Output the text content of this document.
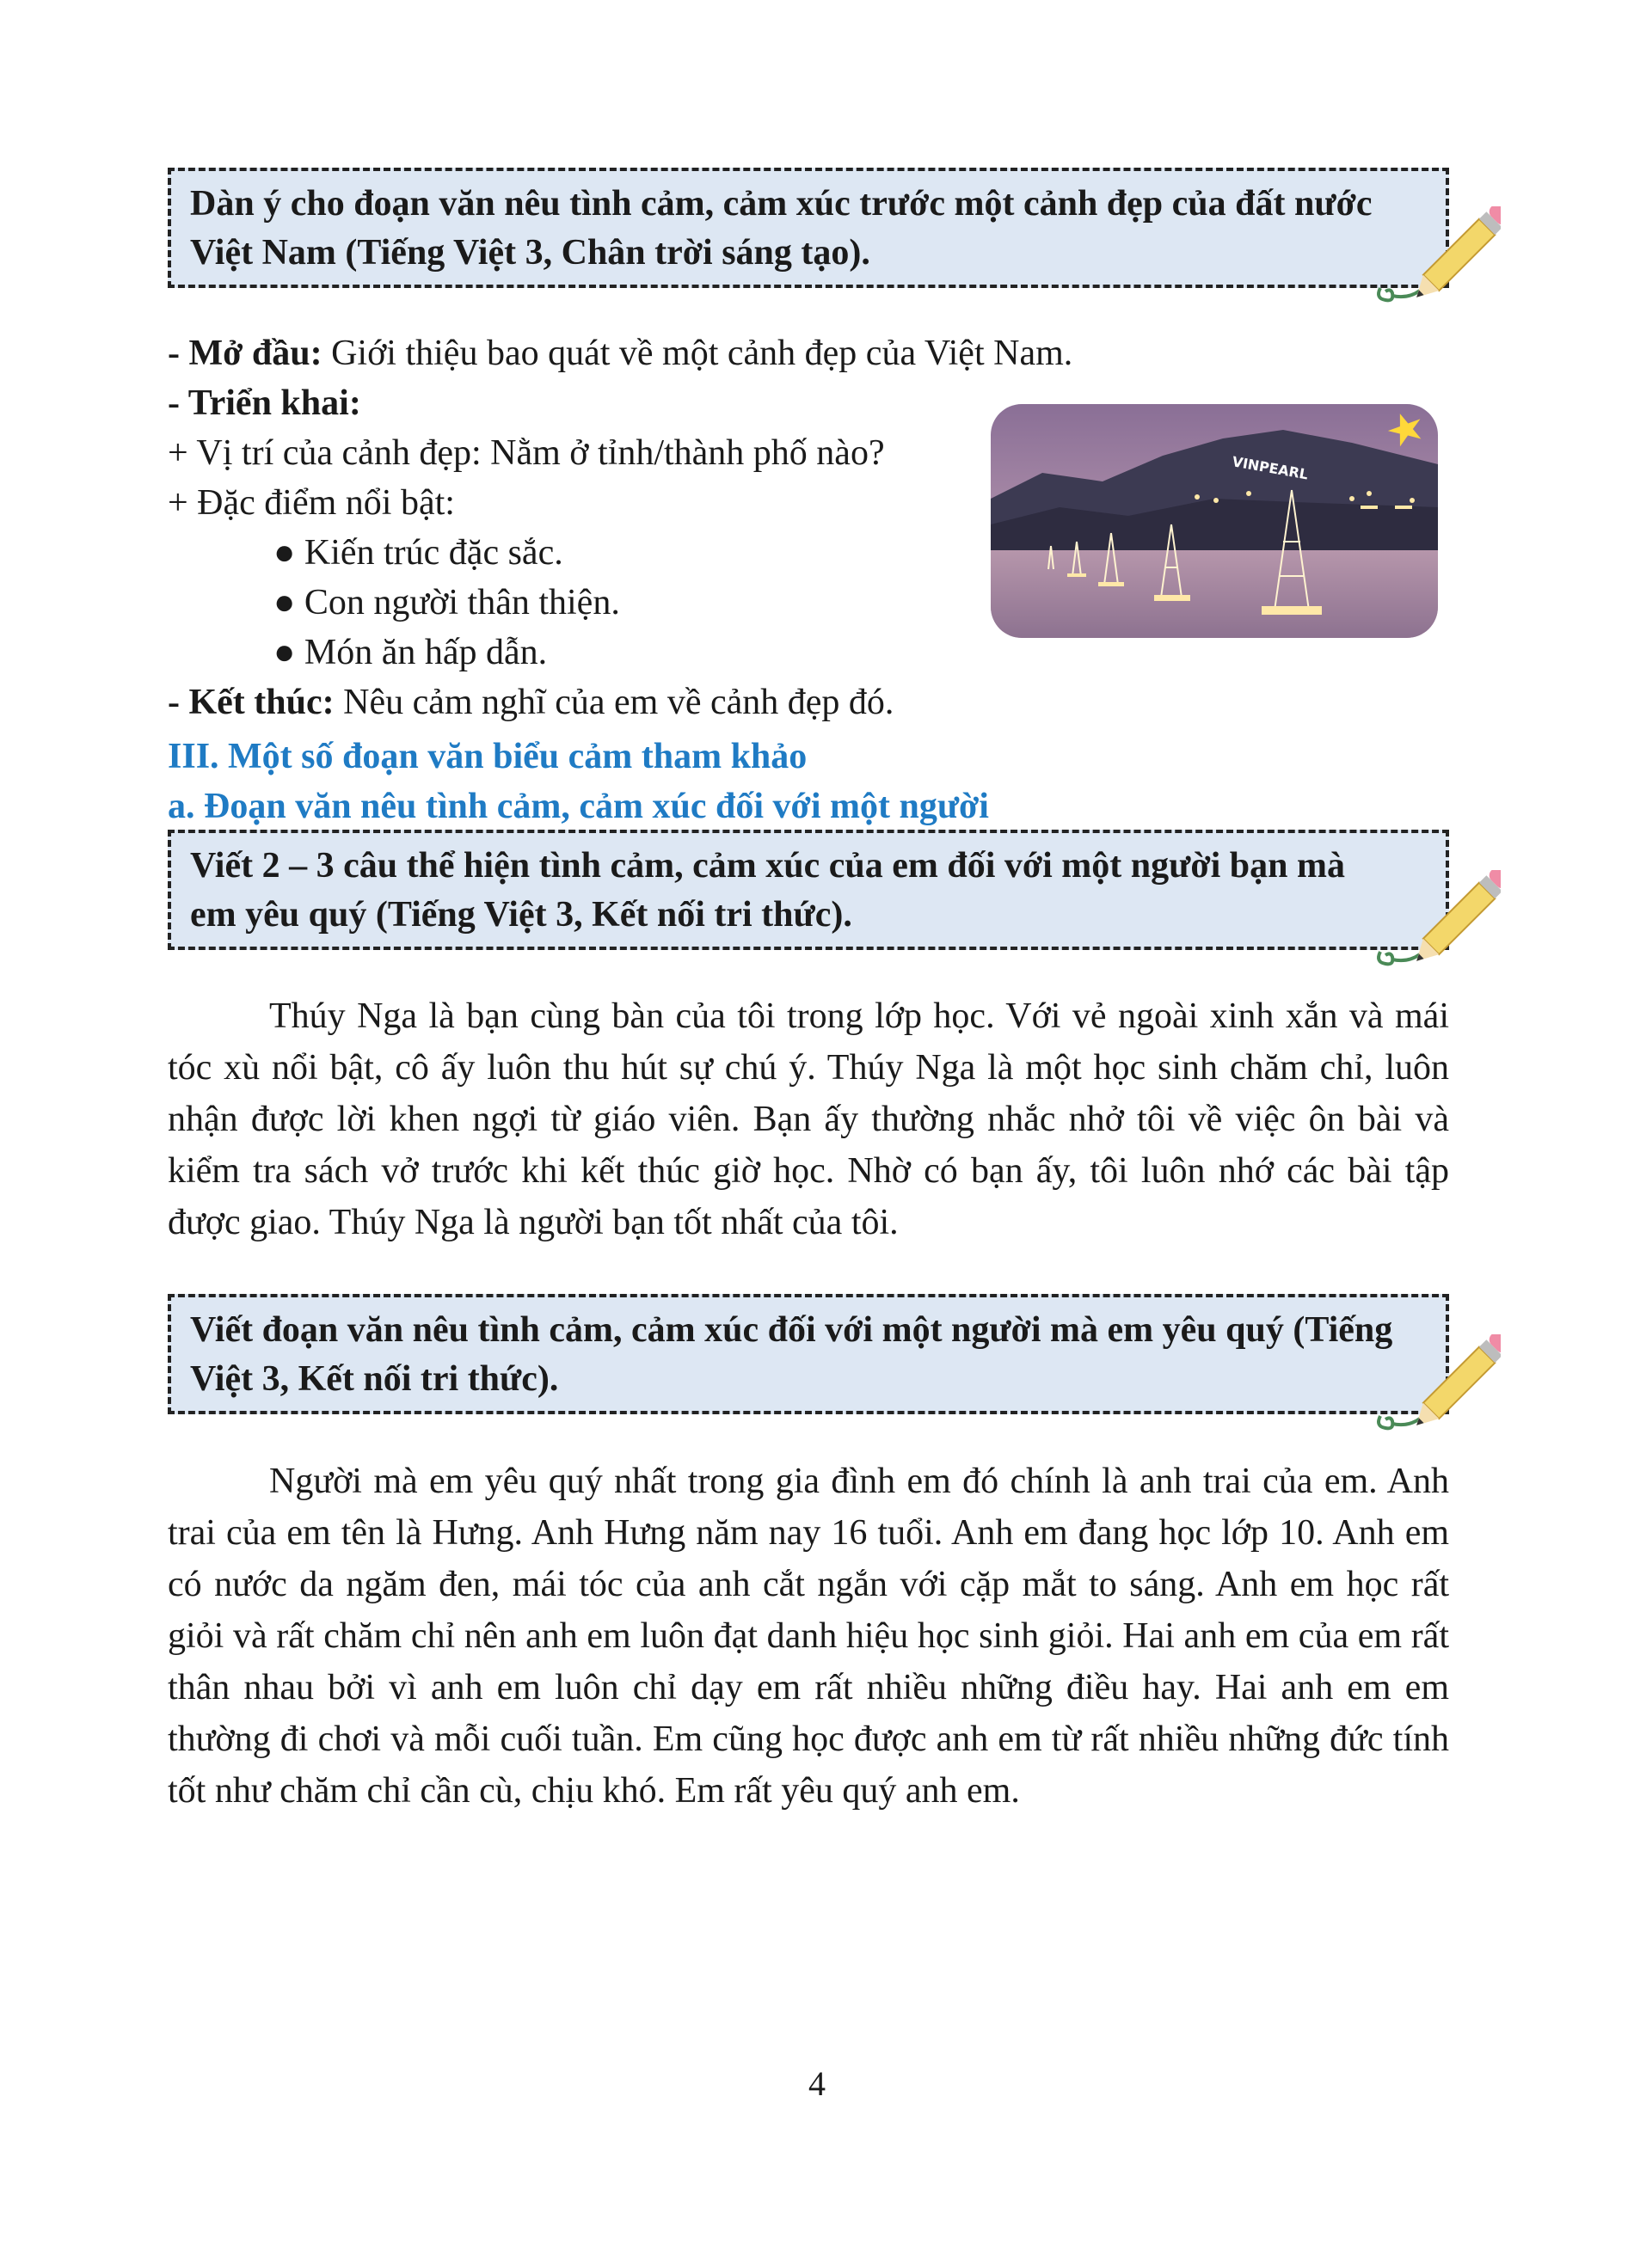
Dàn ý cho đoạn văn nêu tình cảm, cảm xúc trước một cảnh đẹp của đất nước
Việt Nam (Tiếng Việt 3, Chân trời sáng tạo).
- Mở đầu: Giới thiệu bao quát về một cảnh đẹp của Việt Nam.
- Triển khai:
+ Vị trí của cảnh đẹp: Nằm ở tỉnh/thành phố nào?
+ Đặc điểm nổi bật:
● Kiến trúc đặc sắc.
● Con người thân thiện.
● Món ăn hấp dẫn.
- Kết thúc: Nêu cảm nghĩ của em về cảnh đẹp đó.
VINPEARL
III. Một số đoạn văn biểu cảm tham khảo
a. Đoạn văn nêu tình cảm, cảm xúc đối với một người
Viết 2 – 3 câu thể hiện tình cảm, cảm xúc của em đối với một người bạn mà
em yêu quý (Tiếng Việt 3, Kết nối tri thức).
Thúy Nga là bạn cùng bàn của tôi trong lớp học. Với vẻ ngoài xinh xắn và mái tóc xù nổi bật, cô ấy luôn thu hút sự chú ý. Thúy Nga là một học sinh chăm chỉ, luôn nhận được lời khen ngợi từ giáo viên. Bạn ấy thường nhắc nhở tôi về việc ôn bài và kiểm tra sách vở trước khi kết thúc giờ học. Nhờ có bạn ấy, tôi luôn nhớ các bài tập được giao. Thúy Nga là người bạn tốt nhất của tôi.
Viết đoạn văn nêu tình cảm, cảm xúc đối với một người mà em yêu quý (Tiếng
Việt 3, Kết nối tri thức).
Người mà em yêu quý nhất trong gia đình em đó chính là anh trai của em. Anh trai của em tên là Hưng. Anh Hưng năm nay 16 tuổi. Anh em đang học lớp 10. Anh em có nước da ngăm đen, mái tóc của anh cắt ngắn với cặp mắt to sáng. Anh em học rất giỏi và rất chăm chỉ nên anh em luôn đạt danh hiệu học sinh giỏi. Hai anh em của em rất thân nhau bởi vì anh em luôn chỉ dạy em rất nhiều những điều hay. Hai anh em em thường đi chơi và mỗi cuối tuần. Em cũng học được anh em từ rất nhiều những đức tính tốt như chăm chỉ cần cù, chịu khó. Em rất yêu quý anh em.
4
